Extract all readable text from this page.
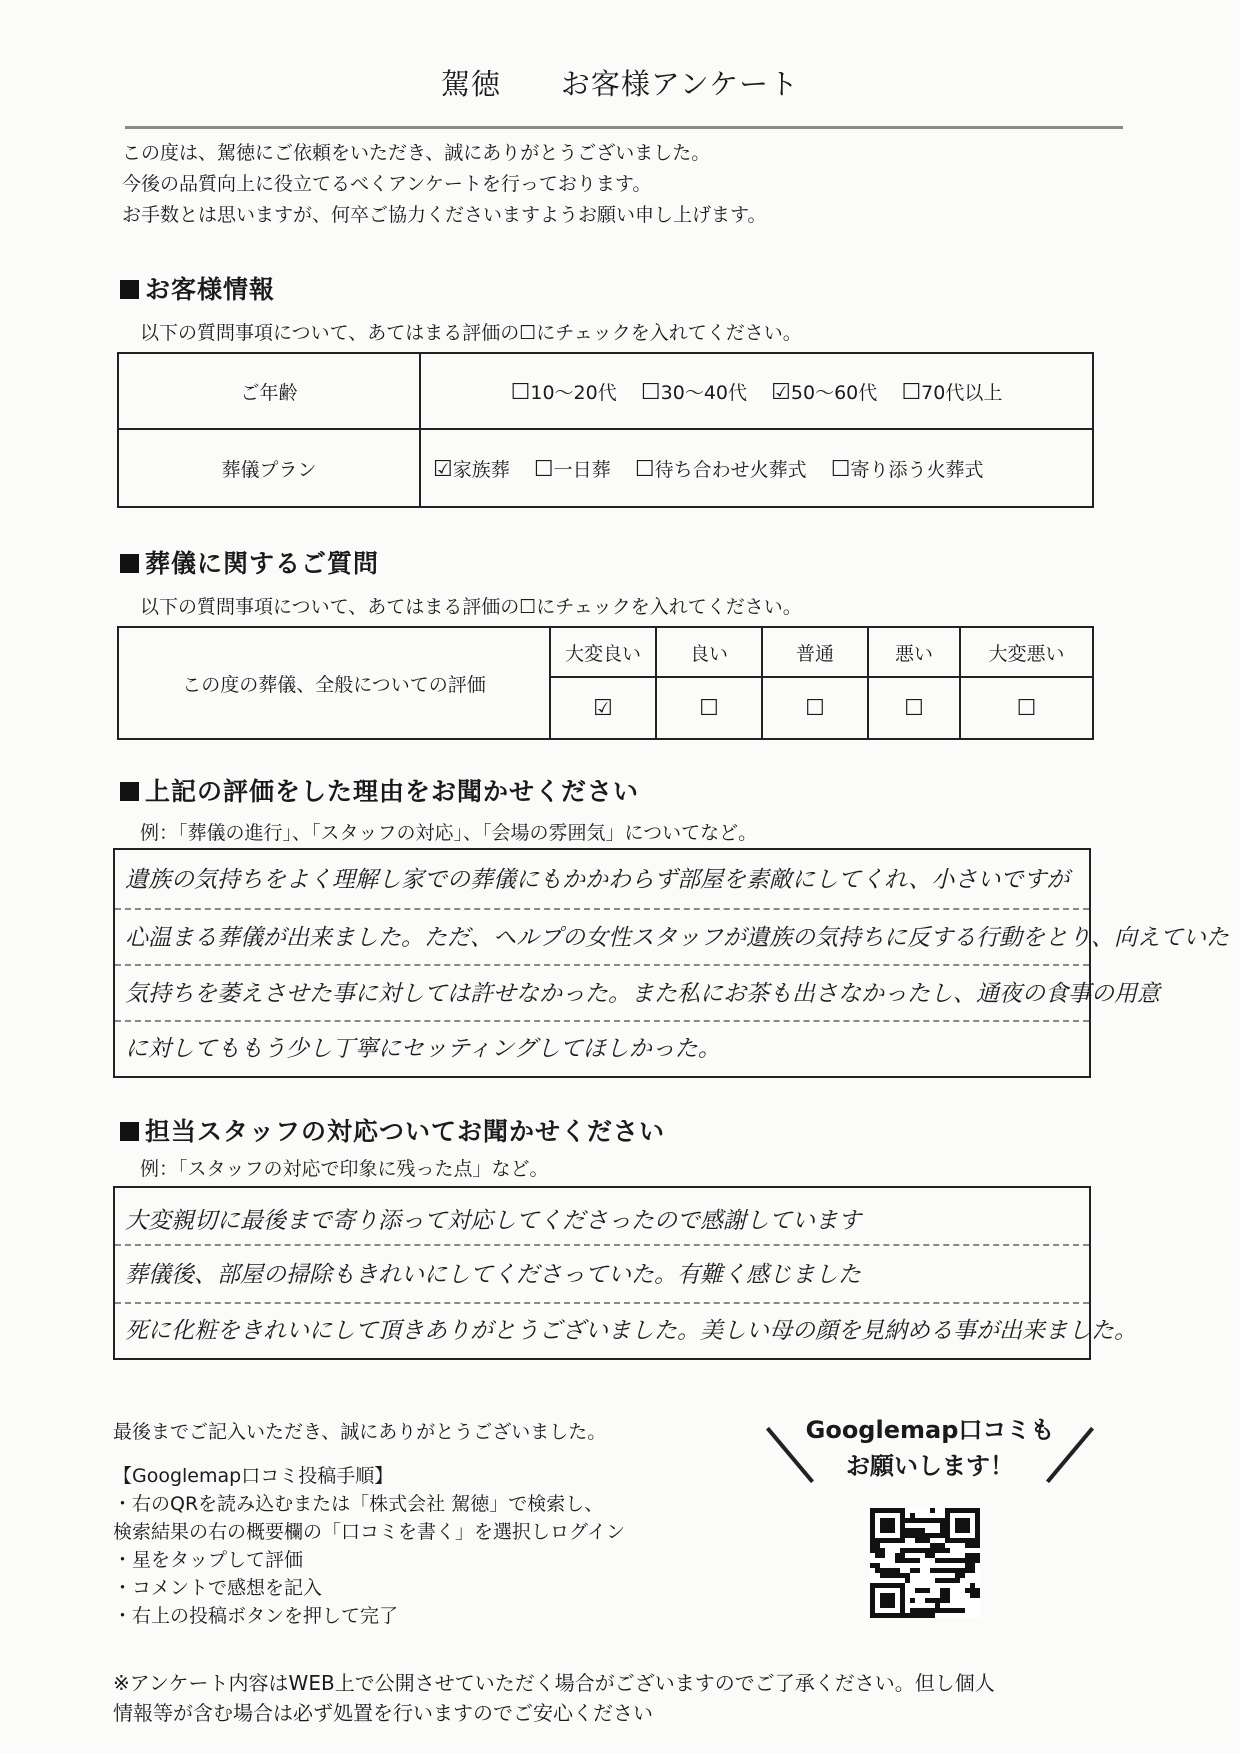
駕徳 お客様アンケート
この度は、駕徳にご依頼をいただき、誠にありがとうございました。
今後の品質向上に役立てるべくアンケートを行っております。
お手数とは思いますが、何卒ご協力くださいますようお願い申し上げます。
お客様情報
以下の質問事項について、あてはまる評価の☐にチェックを入れてください。
ご年齢	☐10～20代 ☐30～40代 ☑50～60代 ☐70代以上
葬儀プラン	☑家族葬 ☐一日葬 ☐待ち合わせ火葬式 ☐寄り添う火葬式
葬儀に関するご質問
以下の質問事項について、あてはまる評価の☐にチェックを入れてください。
この度の葬儀、全般についての評価	大変良い	良い	普通	悪い	大変悪い
	☑	☐	☐	☐	☐
上記の評価をした理由をお聞かせください
例：「葬儀の進行」、「スタッフの対応」、「会場の雰囲気」についてなど。
遺族の気持ちをよく理解し家での葬儀にもかかわらず部屋を素敵にしてくれ、小さいですが
心温まる葬儀が出来ました。ただ、ヘルプの女性スタッフが遺族の気持ちに反する行動をとり、向えていた
気持ちを萎えさせた事に対しては許せなかった。また私にお茶も出さなかったし、通夜の食事の用意
に対してももう少し丁寧にセッティングしてほしかった。
担当スタッフの対応ついてお聞かせください
例：「スタッフの対応で印象に残った点」など。
大変親切に最後まで寄り添って対応してくださったので感謝しています
葬儀後、部屋の掃除もきれいにしてくださっていた。有難く感じました
死に化粧をきれいにして頂きありがとうございました。美しい母の顔を見納める事が出来ました。
最後までご記入いただき、誠にありがとうございました。
【Googlemap口コミ投稿手順】
・右のQRを読み込むまたは「株式会社 駕徳」で検索し、
検索結果の右の概要欄の「口コミを書く」を選択しログイン
・星をタップして評価
・コメントで感想を記入
・右上の投稿ボタンを押して完了
Googlemap口コミも
お願いします！
※アンケート内容はWEB上で公開させていただく場合がございますのでご了承ください。但し個人
情報等が含む場合は必ず処置を行いますのでご安心ください
